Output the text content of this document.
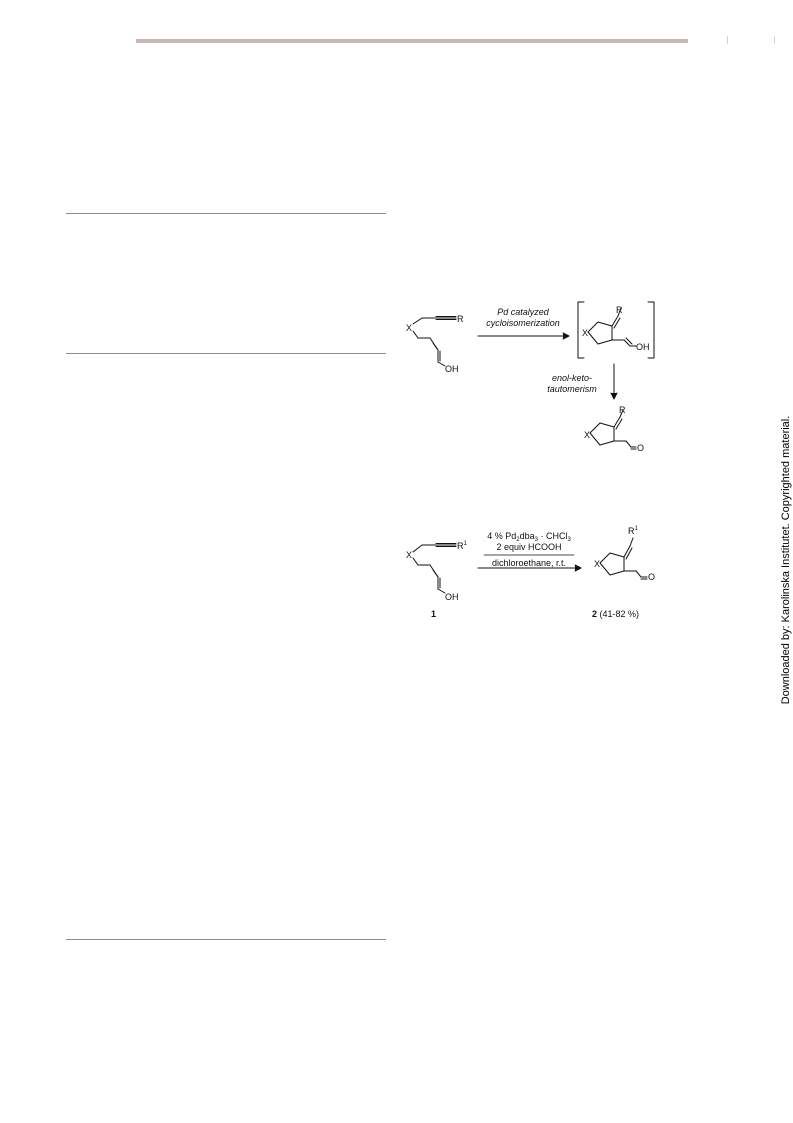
Downloaded by: Karolinska Institutet. Copyrighted material.
R
X
OH
Pd catalyzed
cycloisomerization
R
X
OH
enol-keto-
tautomerism
R
X
O
$R^1$
X
OH
1
4 % $Pd_2dba_3$ · CHCl$_3$
2 equiv HCOOH
dichloroethane, r.t.
$R^1$
X
O
2 (41-82 %)
